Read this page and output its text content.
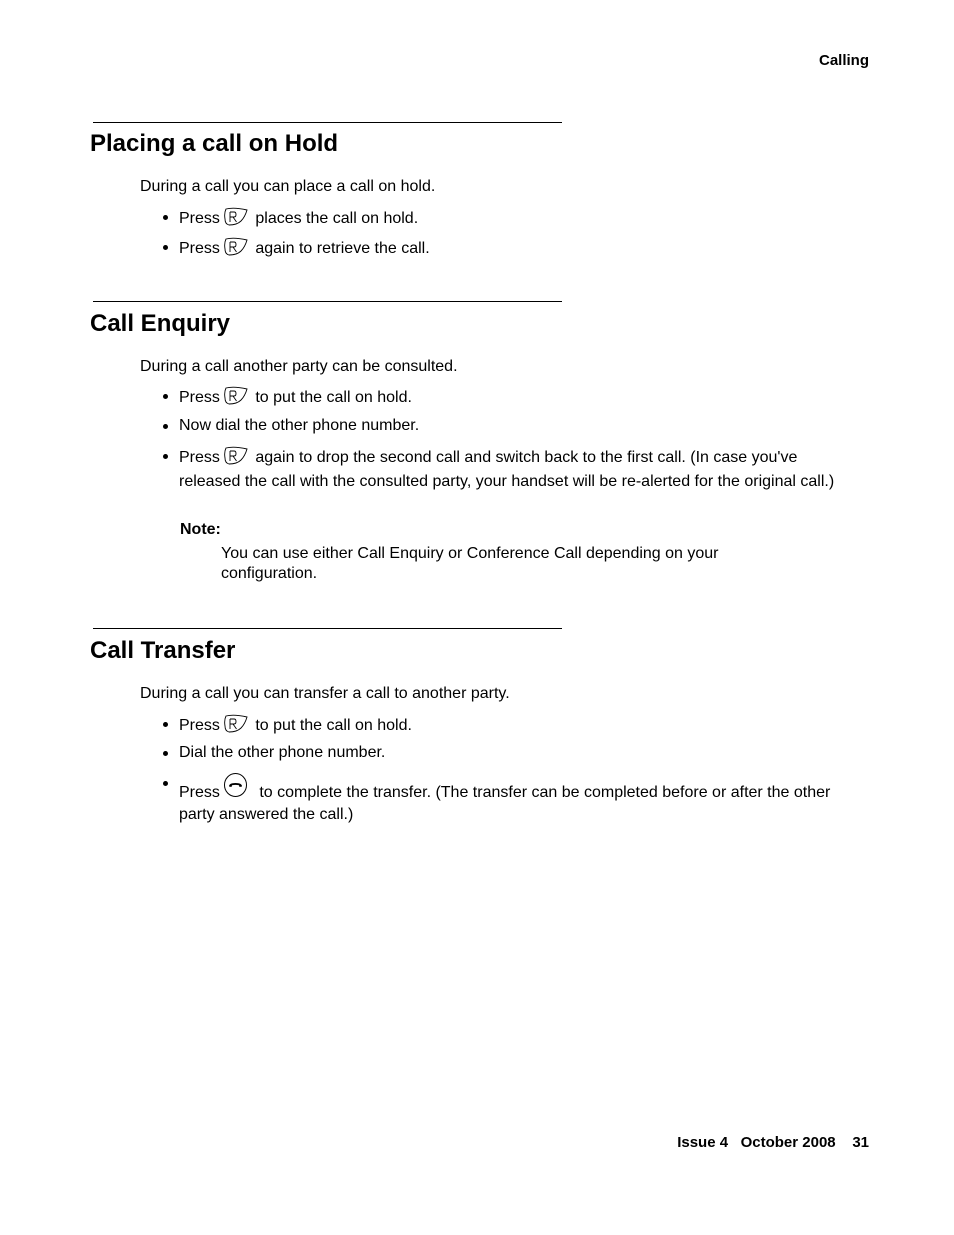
Calling
Placing a call on Hold
During a call you can place a call on hold.
Press places the call on hold.
Press again to retrieve the call.
Call Enquiry
During a call another party can be consulted.
Press to put the call on hold.
Now dial the other phone number.
Press again to drop the second call and switch back to the first call. (In case you've released the call with the consulted party, your handset will be re-alerted for the original call.)
Note:
You can use either Call Enquiry or Conference Call depending on your configuration.
Call Transfer
During a call you can transfer a call to another party.
Press to put the call on hold.
Dial the other phone number.
Press to complete the transfer. (The transfer can be completed before or after the other party answered the call.)
Issue 4 October 2008 31
